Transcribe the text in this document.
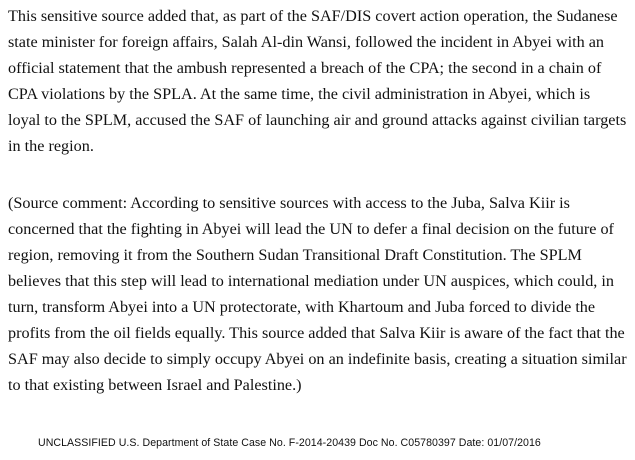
This sensitive source added that, as part of the SAF/DIS covert action operation, the Sudanese

state minister for foreign affairs, Salah Al-din Wansi, followed the incident in Abyei with an

official statement that the ambush represented a breach of the CPA; the second in a chain of

CPA violations by the SPLA. At the same time, the civil administration in Abyei, which is

loyal to the SPLM, accused the SAF of launching air and ground attacks against civilian targets

in the region.

(Source comment: According to sensitive sources with access to the Juba, Salva Kiir is

concerned that the fighting in Abyei will lead the UN to defer a final decision on the future of

region, removing it from the Southern Sudan Transitional Draft Constitution. The SPLM

believes that this step will lead to international mediation under UN auspices, which could, in

turn, transform Abyei into a UN protectorate, with Khartoum and Juba forced to divide the

profits from the oil fields equally. This source added that Salva Kiir is aware of the fact that the

SAF may also decide to simply occupy Abyei on an indefinite basis, creating a situation similar

to that existing between Israel and Palestine.)

UNCLASSIFIED U.S. Department of State Case No. F-2014-20439 Doc No. C05780397 Date: 01/07/2016
